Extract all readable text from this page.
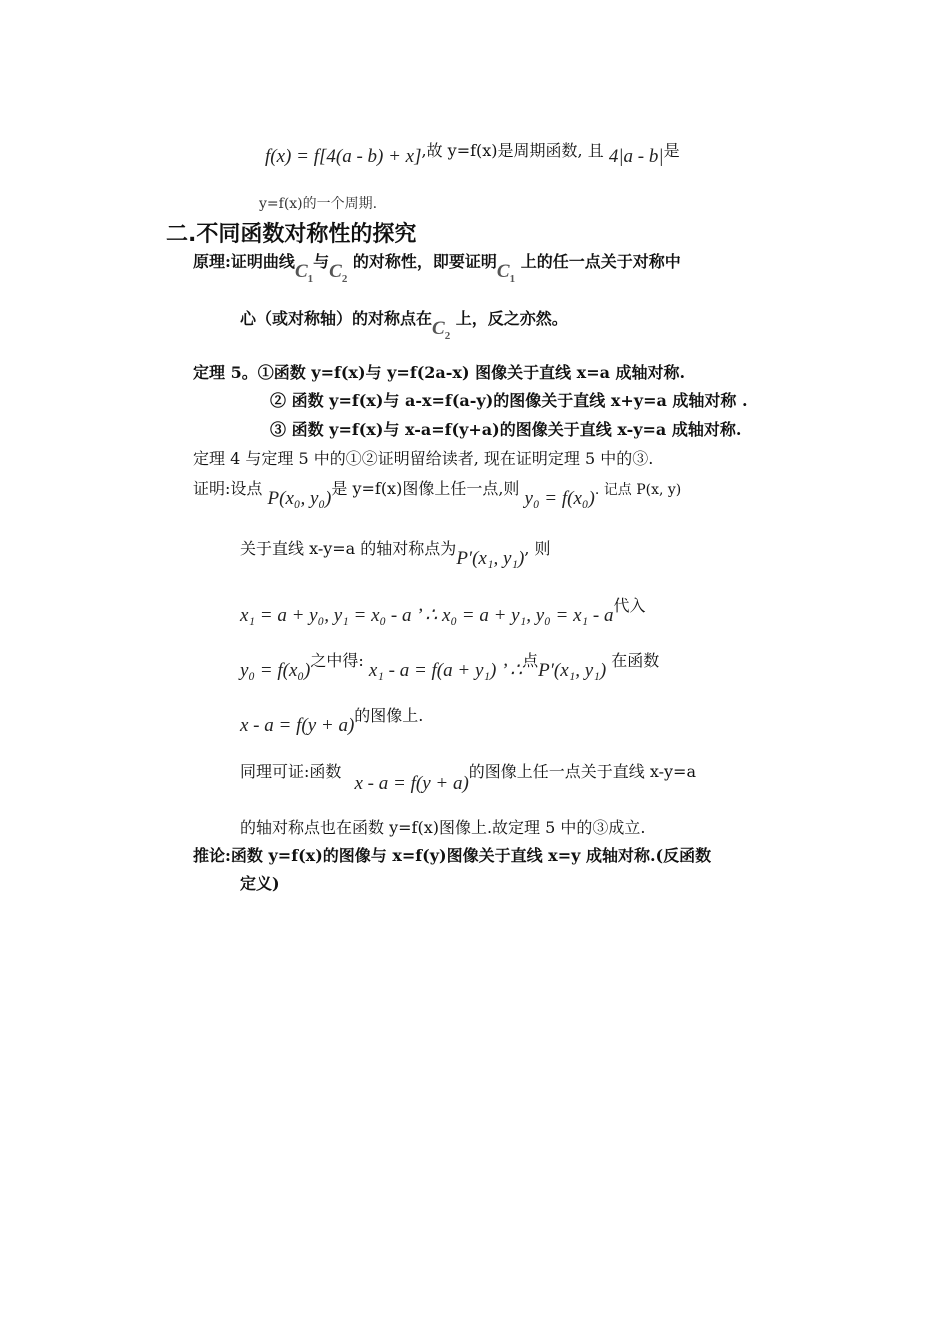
f(x) = f[4(a - b) + x],故 y=f(x)是周期函数, 且 4|a - b|是
y=f(x)的一个周期.
二.不同函数对称性的探究
原理:证明曲线$C_1$与$C_2$ 的对称性，即要证明$C_1$ 上的任一点关于对称中
心（或对称轴）的对称点在$C_2$ 上，反之亦然。
定理 5。①函数 y=f(x)与 y=f(2a-x) 图像关于直线 x=a 成轴对称.
② 函数 y=f(x)与 a-x=f(a-y)的图像关于直线 x+y=a 成轴对称 .
③ 函数 y=f(x)与 x-a=f(y+a)的图像关于直线 x-y=a 成轴对称.
定理 4 与定理 5 中的①②证明留给读者, 现在证明定理 5 中的③.
证明:设点 P(x₀, y₀)是 y=f(x)图像上任一点,则 y₀ = f(x₀). 记点 P(x, y)
关于直线 x-y=a 的轴对称点为P′(x₁, y₁), 则
x₁ = a + y₀, y₁ = x₀ - a ’ ∴ x₀ = a + y₁, y₀ = x₁ - a代入
y₀ = f(x₀)之中得: x₁ - a = f(a + y₁) ’ ∴点P′(x₁, y₁) 在函数
x - a = f(y + a)的图像上.
同理可证:函数 x - a = f(y + a)的图像上任一点关于直线 x-y=a
的轴对称点也在函数 y=f(x)图像上.故定理 5 中的③成立.
推论:函数 y=f(x)的图像与 x=f(y)图像关于直线 x=y 成轴对称.(反函数
定义)
